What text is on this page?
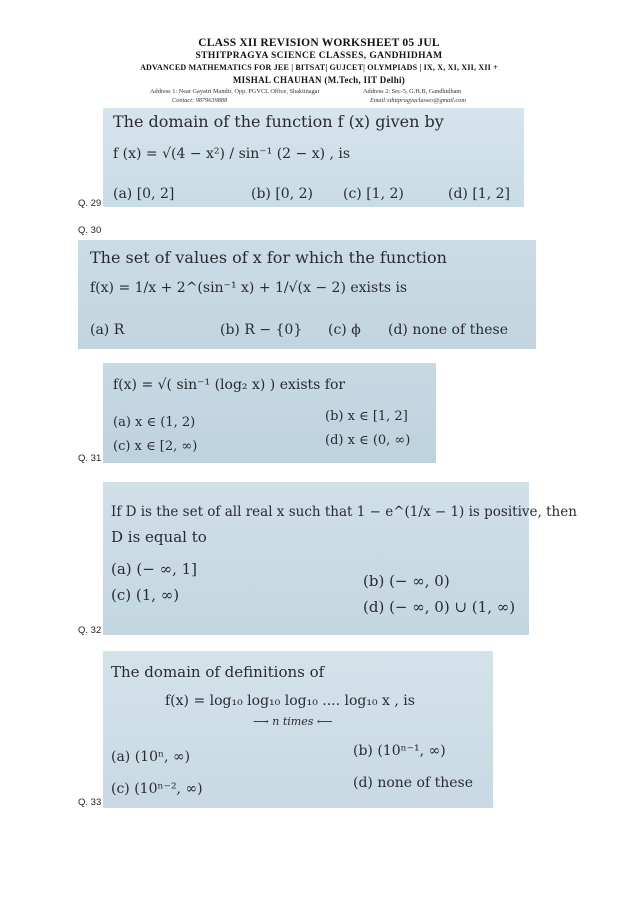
CLASS XII REVISION WORKSHEET 05 JUL
STHITPRAGYA SCIENCE CLASSES, GANDHIDHAM
ADVANCED MATHEMATICS FOR JEE | BITSAT| GUJCET| OLYMPIADS | IX, X, XI, XII, XII +
MISHAL CHAUHAN (M.Tech, IIT Delhi)
Address 1: Near Gayatri Mandir, Opp. PGVCL Office, Shaktinagar	Address 2: Sec-5, G.H.B, Gandhidham
Contact: 9879639888	Email:sthitpragyaclasses@gmail.com
Q. 29
The domain of the function f (x) given by
f (x) = √(4 − x²) / sin⁻¹ (2 − x) , is
(a) [0, 2]	(b) [0, 2) (c) [1, 2)	(d) [1, 2]
Q. 30
The set of values of x for which the function
f(x) = 1/x + 2^(sin⁻¹ x) + 1/√(x − 2) exists is
(a) R	(b) R − {0} (c) ϕ (d) none of these
Q. 31
f(x) = √( sin⁻¹ (log₂ x) ) exists for
(a) x ∈ (1, 2)	(b) x ∈ [1, 2]
(c) x ∈ [2, ∞)	(d) x ∈ (0, ∞)
Q. 32
If D is the set of all real x such that 1 − e^(1/x − 1) is positive, then
D is equal to
(a) (− ∞, 1]
(b) (− ∞, 0)
(c) (1, ∞)
(d) (− ∞, 0) ∪ (1, ∞)
Q. 33
The domain of definitions of
f(x) = log₁₀ log₁₀ log₁₀ .... log₁₀ x , is
⟶ n times ⟵
(a) (10ⁿ, ∞)	(b) (10ⁿ⁻¹, ∞)
(c) (10ⁿ⁻², ∞)	(d) none of these
